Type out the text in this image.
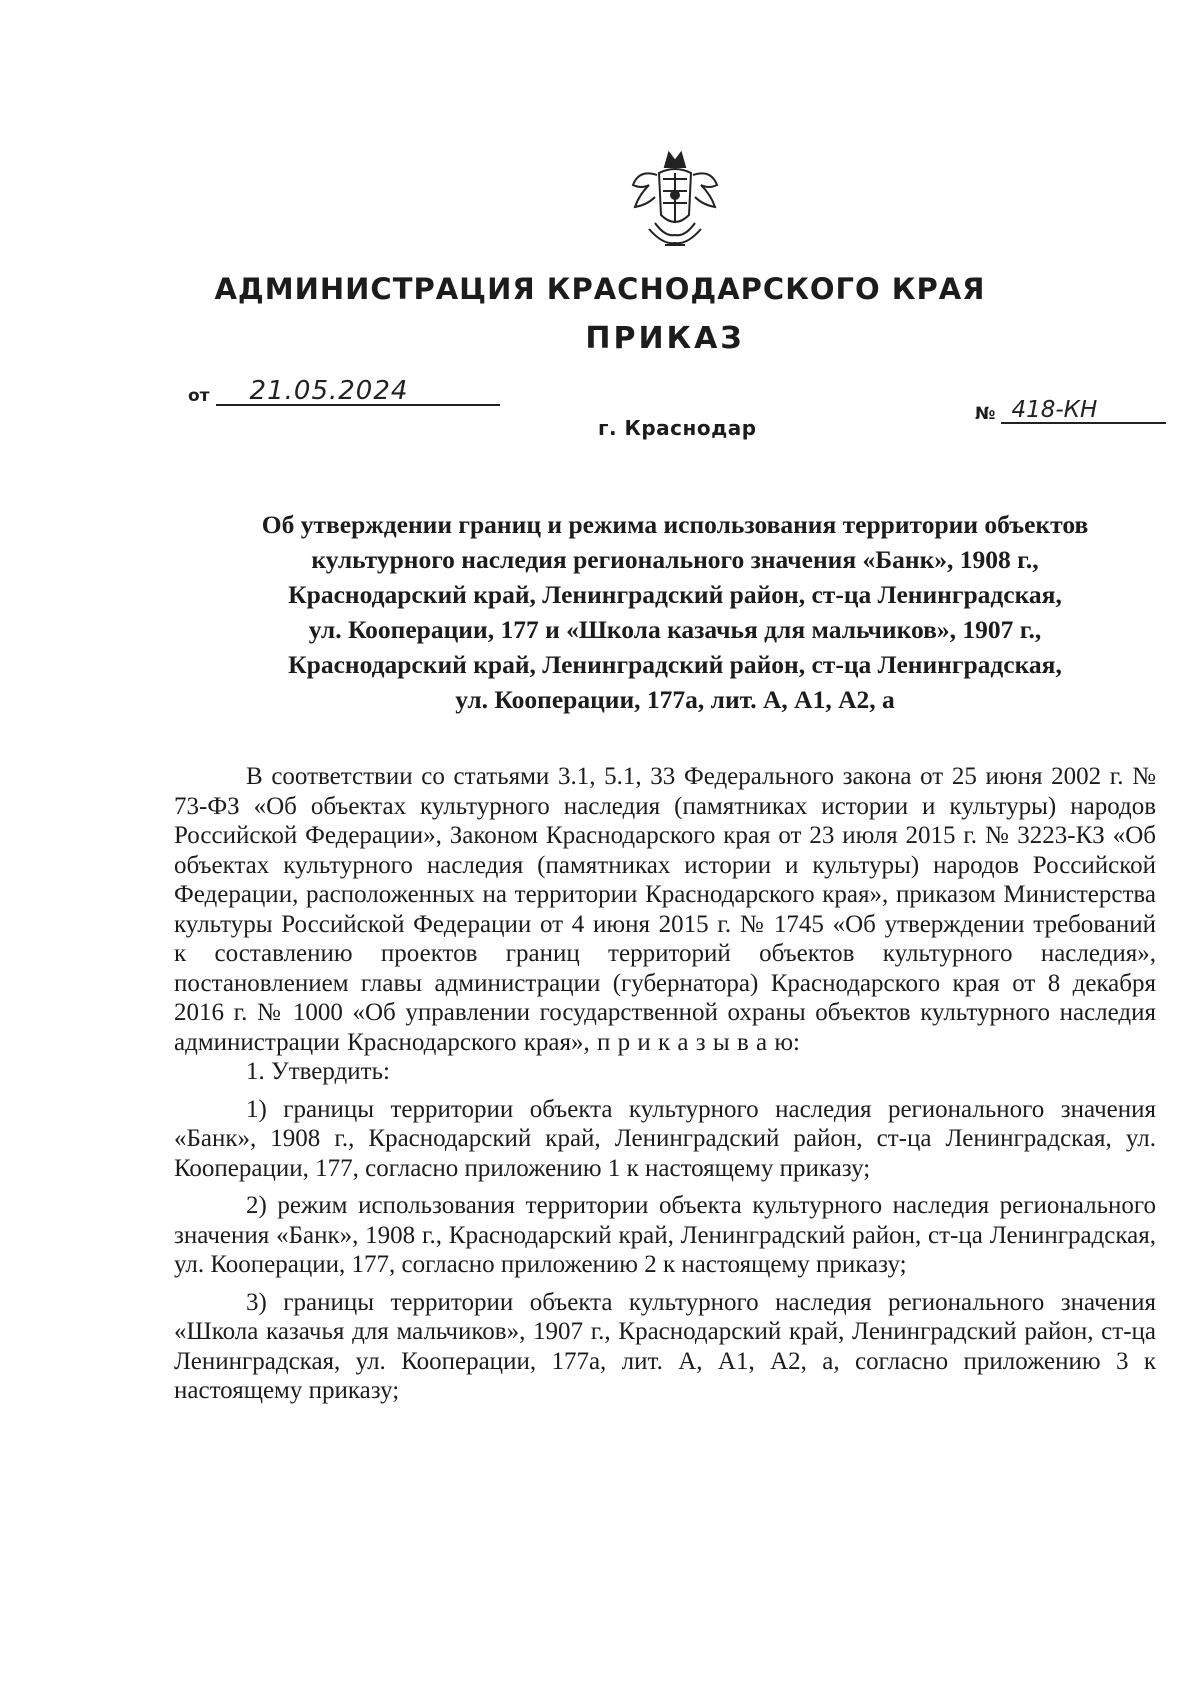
АДМИНИСТРАЦИЯ КРАСНОДАРСКОГО КРАЯ
ПРИКАЗ
от	21.05.2024
№ 418-КН
г. Краснодар
Об утверждении границ и режима использования территории объектов
культурного наследия регионального значения «Банк», 1908 г.,
Краснодарский край, Ленинградский район, ст-ца Ленинградская,
ул. Кооперации, 177 и «Школа казачья для мальчиков», 1907 г.,
Краснодарский край, Ленинградский район, ст-ца Ленинградская,
ул. Кооперации, 177а, лит. А, А1, А2, а

В соответствии со статьями 3.1, 5.1, 33 Федерального закона от 25 июня 2002 г. № 73-ФЗ «Об объектах культурного наследия (памятниках истории и культуры) народов Российской Федерации», Законом Краснодарского края от 23 июля 2015 г. № 3223-КЗ «Об объектах культурного наследия (памятниках истории и культуры) народов Российской Федерации, расположенных на территории Краснодарского края», приказом Министерства культуры Российской Федерации от 4 июня 2015 г. № 1745 «Об утверждении требований к составлению проектов границ территорий объектов культурного наследия», постановлением главы администрации (губернатора) Краснодарского края от 8 декабря 2016 г. № 1000 «Об управлении государственной охраны объектов культурного наследия администрации Краснодарского края», п р и к а з ы в а ю:

1. Утвердить:

1) границы территории объекта культурного наследия регионального значения «Банк», 1908 г., Краснодарский край, Ленинградский район, ст-ца Ленинградская, ул. Кооперации, 177, согласно приложению 1 к настоящему приказу;

2) режим использования территории объекта культурного наследия регионального значения «Банк», 1908 г., Краснодарский край, Ленинградский район, ст-ца Ленинградская, ул. Кооперации, 177, согласно приложению 2 к настоящему приказу;

3) границы территории объекта культурного наследия регионального значения «Школа казачья для мальчиков», 1907 г., Краснодарский край, Ленинградский район, ст-ца Ленинградская, ул. Кооперации, 177а, лит. А, А1, А2, а, согласно приложению 3 к настоящему приказу;
